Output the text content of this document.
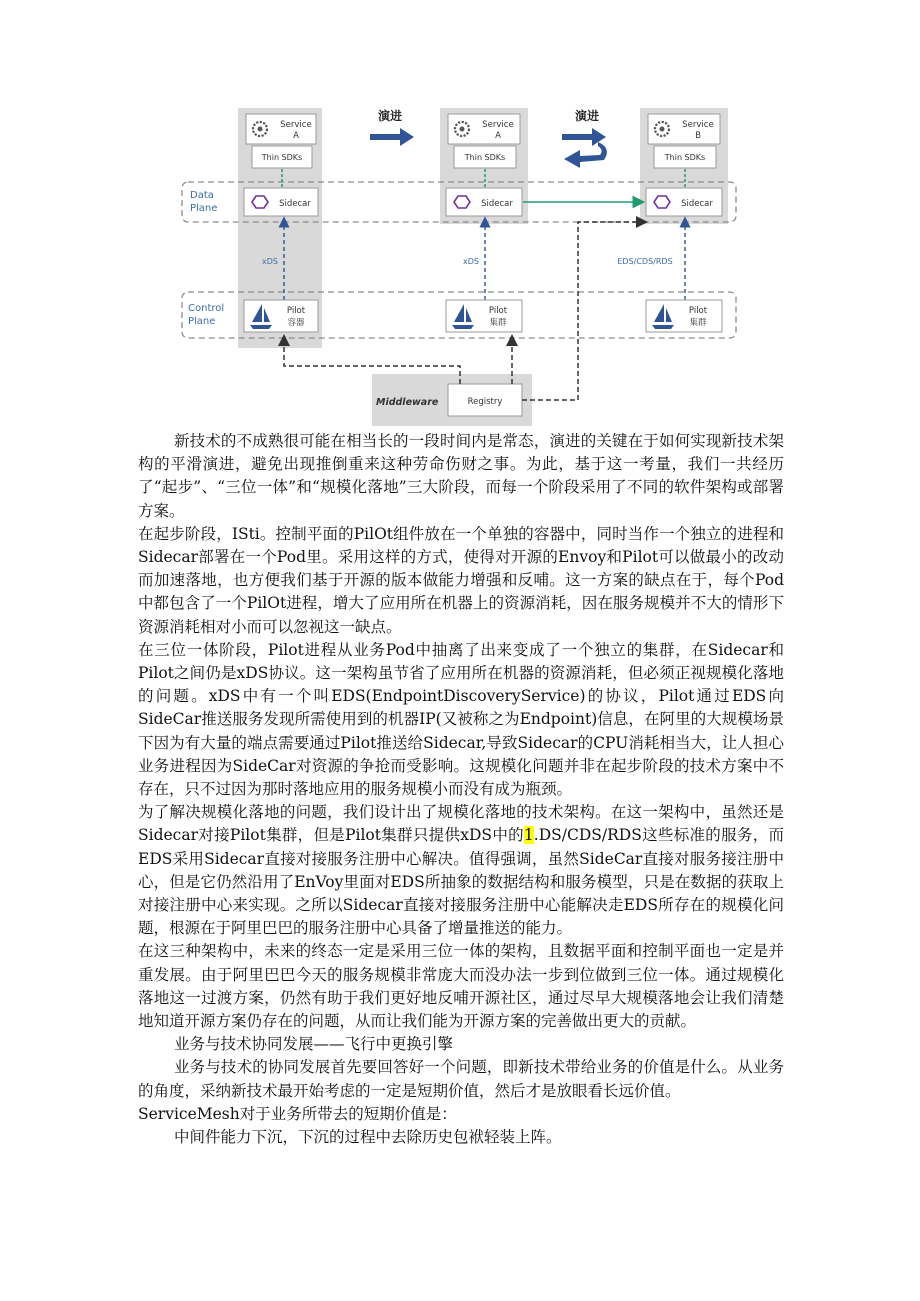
Data
Plane
Control
Plane
演进	演进
Service
A
Thin SDKs
Sidecar
xDS
Pilot
容器
Service
A
Thin SDKs
Sidecar
xDS
Pilot
集群
Service
B
Thin SDKs
Sidecar
EDS/CDS/RDS
Pilot
集群
Middleware	Registry

新技术的不成熟很可能在相当长的一段时间内是常态，演进的关键在于如何实现新技术架构的平滑演进，避免出现推倒重来这种劳命伤财之事。为此，基于这一考量，我们一共经历了“起步”、“三位一体”和“规模化落地”三大阶段，而每一个阶段采用了不同的软件架构或部署方案。

在起步阶段，ISti。控制平面的PilOt组件放在一个单独的容器中，同时当作一个独立的进程和Sidecar部署在一个Pod里。采用这样的方式，使得对开源的Envoy和Pilot可以做最小的改动而加速落地，也方便我们基于开源的版本做能力增强和反哺。这一方案的缺点在于，每个Pod中都包含了一个PilOt进程，增大了应用所在机器上的资源消耗，因在服务规模并不大的情形下资源消耗相对小而可以忽视这一缺点。

在三位一体阶段，Pilot进程从业务Pod中抽离了出来变成了一个独立的集群，在Sidecar和Pilot之间仍是xDS协议。这一架构虽节省了应用所在机器的资源消耗，但必须正视规模化落地的问题。xDS中有一个叫EDS(EndpointDiscoveryService)的协议，Pilot通过EDS向SideCar推送服务发现所需使用到的机器IP(又被称之为Endpoint)信息，在阿里的大规模场景下因为有大量的端点需要通过Pilot推送给Sidecar,导致Sidecar的CPU消耗相当大，让人担心业务进程因为SideCar对资源的争抢而受影响。这规模化问题并非在起步阶段的技术方案中不存在，只不过因为那时落地应用的服务规模小而没有成为瓶颈。

为了解决规模化落地的问题，我们设计出了规模化落地的技术架构。在这一架构中，虽然还是Sidecar对接Pilot集群，但是Pilot集群只提供xDS中的1.DS/CDS/RDS这些标准的服务，而EDS采用Sidecar直接对接服务注册中心解决。值得强调，虽然SideCar直接对服务接注册中心，但是它仍然沿用了EnVoy里面对EDS所抽象的数据结构和服务模型，只是在数据的获取上对接注册中心来实现。之所以Sidecar直接对接服务注册中心能解决走EDS所存在的规模化问题，根源在于阿里巴巴的服务注册中心具备了增量推送的能力。

在这三种架构中，未来的终态一定是采用三位一体的架构，且数据平面和控制平面也一定是并重发展。由于阿里巴巴今天的服务规模非常庞大而没办法一步到位做到三位一体。通过规模化落地这一过渡方案，仍然有助于我们更好地反哺开源社区，通过尽早大规模落地会让我们清楚地知道开源方案仍存在的问题，从而让我们能为开源方案的完善做出更大的贡献。

业务与技术协同发展——飞行中更换引擎

业务与技术的协同发展首先要回答好一个问题，即新技术带给业务的价值是什么。从业务的角度，采纳新技术最开始考虑的一定是短期价值，然后才是放眼看长远价值。

ServiceMesh对于业务所带去的短期价值是：

中间件能力下沉，下沉的过程中去除历史包袱轻装上阵。
